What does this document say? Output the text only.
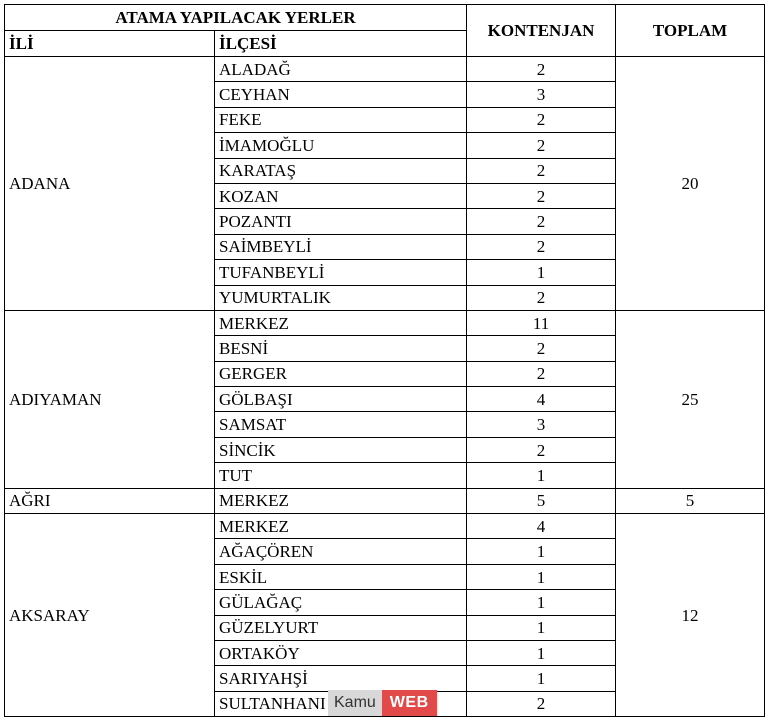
ATAMA YAPILACAK YERLER		KONTENJAN	TOPLAM
İLİ	İLÇESİ		
ADANA	ALADAĞ	2	20
	CEYHAN	3	
	FEKE	2	
	İMAMOĞLU	2	
	KARATAŞ	2	
	KOZAN	2	
	POZANTI	2	
	SAİMBEYLİ	2	
	TUFANBEYLİ	1	
	YUMURTALIK	2	
ADIYAMAN	MERKEZ	11	25
	BESNİ	2	
	GERGER	2	
	GÖLBAŞI	4	
	SAMSAT	3	
	SİNCİK	2	
	TUT	1	
AĞRI	MERKEZ	5	5
AKSARAY	MERKEZ	4	12
	AĞAÇÖREN	1	
	ESKİL	1	
	GÜLAĞAÇ	1	
	GÜZELYURT	1	
	ORTAKÖY	1	
	SARIYAHŞİ	1	
	SULTANHANI	2	
Kamu WEB
